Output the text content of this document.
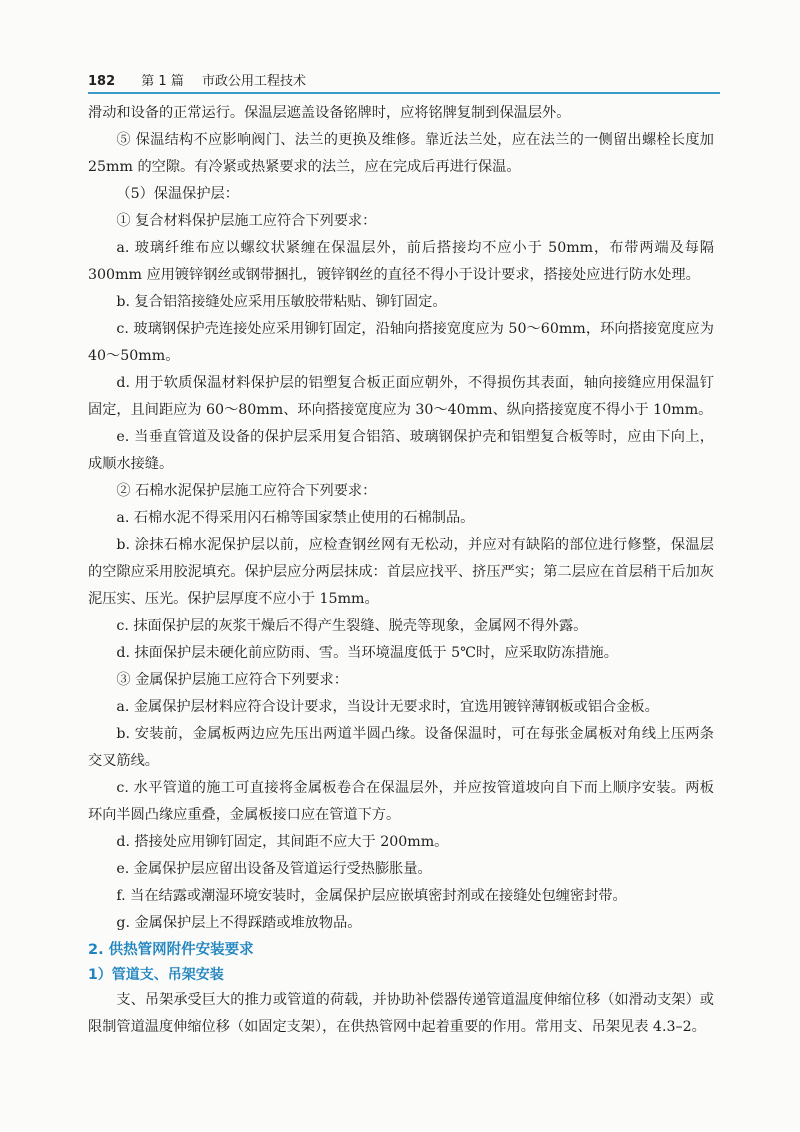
182 第 1 篇 市政公用工程技术

滑动和设备的正常运行。保温层遮盖设备铭牌时，应将铭牌复制到保温层外。

⑤ 保温结构不应影响阀门、法兰的更换及维修。靠近法兰处，应在法兰的一侧留出螺栓长度加 25mm 的空隙。有冷紧或热紧要求的法兰，应在完成后再进行保温。

（5）保温保护层：

① 复合材料保护层施工应符合下列要求：

a. 玻璃纤维布应以螺纹状紧缠在保温层外，前后搭接均不应小于 50mm，布带两端及每隔 300mm 应用镀锌钢丝或钢带捆扎，镀锌钢丝的直径不得小于设计要求，搭接处应进行防水处理。

b. 复合铝箔接缝处应采用压敏胶带粘贴、铆钉固定。

c. 玻璃钢保护壳连接处应采用铆钉固定，沿轴向搭接宽度应为 50～60mm，环向搭接宽度应为 40～50mm。

d. 用于软质保温材料保护层的铝塑复合板正面应朝外，不得损伤其表面，轴向接缝应用保温钉固定，且间距应为 60～80mm、环向搭接宽度应为 30～40mm、纵向搭接宽度不得小于 10mm。

e. 当垂直管道及设备的保护层采用复合铝箔、玻璃钢保护壳和铝塑复合板等时，应由下向上，成顺水接缝。

② 石棉水泥保护层施工应符合下列要求：

a. 石棉水泥不得采用闪石棉等国家禁止使用的石棉制品。

b. 涂抹石棉水泥保护层以前，应检查钢丝网有无松动，并应对有缺陷的部位进行修整，保温层的空隙应采用胶泥填充。保护层应分两层抹成：首层应找平、挤压严实；第二层应在首层稍干后加灰泥压实、压光。保护层厚度不应小于 15mm。

c. 抹面保护层的灰浆干燥后不得产生裂缝、脱壳等现象，金属网不得外露。

d. 抹面保护层未硬化前应防雨、雪。当环境温度低于 5℃时，应采取防冻措施。

③ 金属保护层施工应符合下列要求：

a. 金属保护层材料应符合设计要求，当设计无要求时，宜选用镀锌薄钢板或铝合金板。

b. 安装前，金属板两边应先压出两道半圆凸缘。设备保温时，可在每张金属板对角线上压两条交叉筋线。

c. 水平管道的施工可直接将金属板卷合在保温层外，并应按管道坡向自下而上顺序安装。两板环向半圆凸缘应重叠，金属板接口应在管道下方。

d. 搭接处应用铆钉固定，其间距不应大于 200mm。

e. 金属保护层应留出设备及管道运行受热膨胀量。

f. 当在结露或潮湿环境安装时，金属保护层应嵌填密封剂或在接缝处包缠密封带。

g. 金属保护层上不得踩踏或堆放物品。

2. 供热管网附件安装要求

1）管道支、吊架安装

支、吊架承受巨大的推力或管道的荷载，并协助补偿器传递管道温度伸缩位移（如滑动支架）或限制管道温度伸缩位移（如固定支架），在供热管网中起着重要的作用。常用支、吊架见表 4.3–2。
